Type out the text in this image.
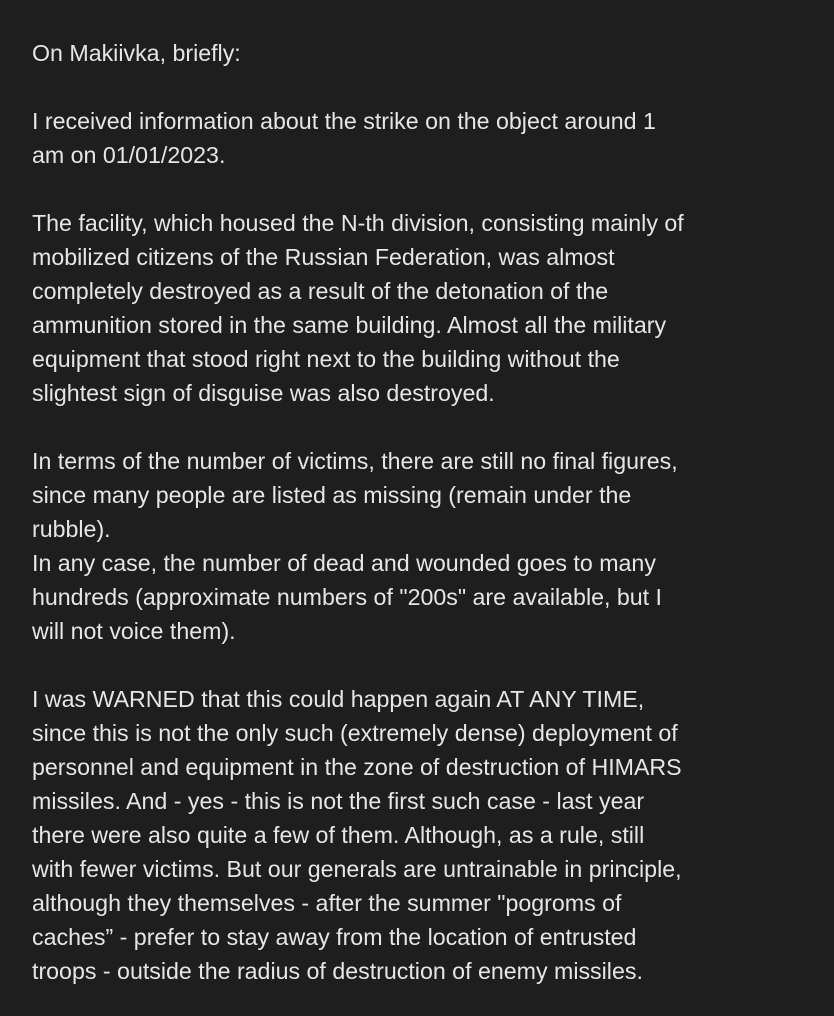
On Makiivka, briefly:
I received information about the strike on the object around 1
am on 01/01/2023.
The facility, which housed the N-th division, consisting mainly of
mobilized citizens of the Russian Federation, was almost
completely destroyed as a result of the detonation of the
ammunition stored in the same building. Almost all the military
equipment that stood right next to the building without the
slightest sign of disguise was also destroyed.
In terms of the number of victims, there are still no final figures,
since many people are listed as missing (remain under the
rubble).
In any case, the number of dead and wounded goes to many
hundreds (approximate numbers of "200s" are available, but I
will not voice them).
I was WARNED that this could happen again AT ANY TIME,
since this is not the only such (extremely dense) deployment of
personnel and equipment in the zone of destruction of HIMARS
missiles. And - yes - this is not the first such case - last year
there were also quite a few of them. Although, as a rule, still
with fewer victims. But our generals are untrainable in principle,
although they themselves - after the summer "pogroms of
caches” - prefer to stay away from the location of entrusted
troops - outside the radius of destruction of enemy missiles.
